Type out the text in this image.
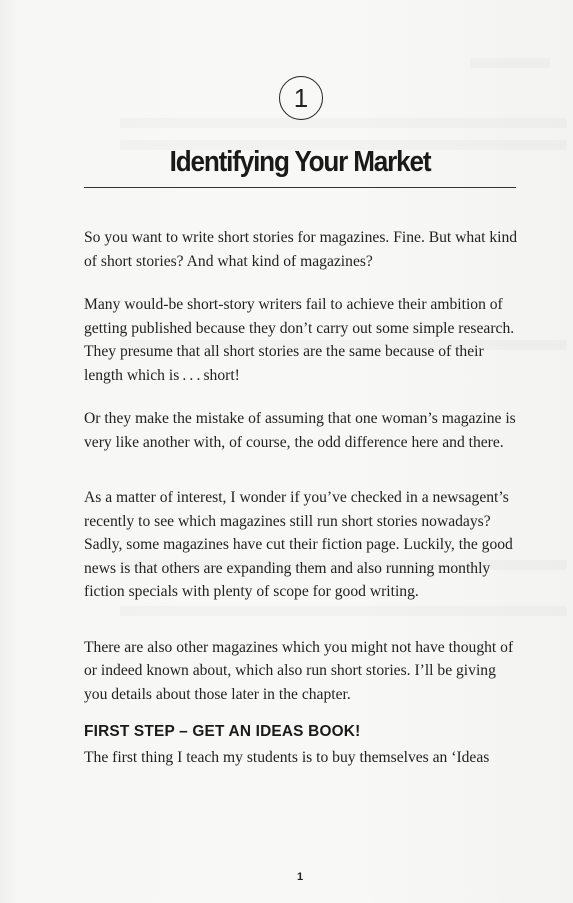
1
Identifying Your Market

So you want to write short stories for magazines. Fine. But what kind of short stories? And what kind of magazines?

Many would-be short-story writers fail to achieve their ambition of getting published because they don’t carry out some simple research. They presume that all short stories are the same because of their length which is . . . short!

Or they make the mistake of assuming that one woman’s magazine is very like another with, of course, the odd difference here and there.

As a matter of interest, I wonder if you’ve checked in a newsagent’s recently to see which magazines still run short stories nowadays? Sadly, some magazines have cut their fiction page. Luckily, the good news is that others are expanding them and also running monthly fiction specials with plenty of scope for good writing.

There are also other magazines which you might not have thought of or indeed known about, which also run short stories. I’ll be giving you details about those later in the chapter.

FIRST STEP – GET AN IDEAS BOOK!
The first thing I teach my students is to buy themselves an ‘Ideas
1
